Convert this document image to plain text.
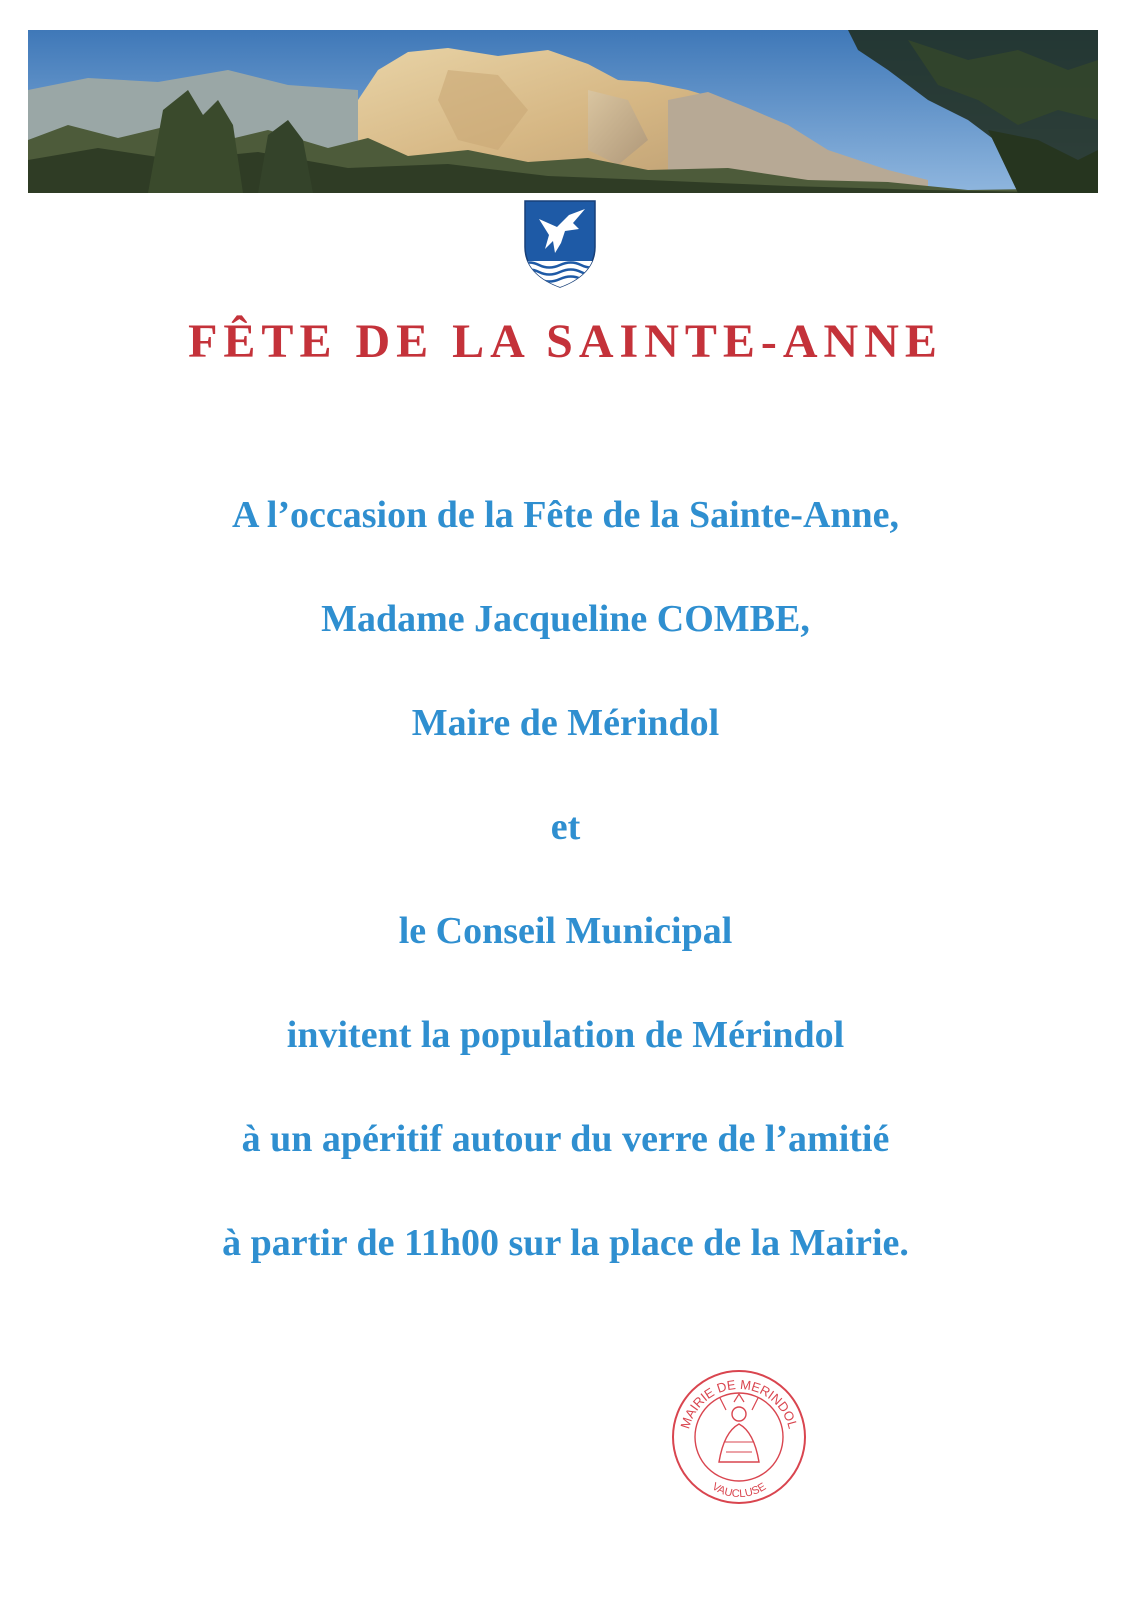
FÊTE DE LA SAINTE-ANNE
A l’occasion de la Fête de la Sainte-Anne,
Madame Jacqueline COMBE,
Maire de Mérindol
et
le Conseil Municipal
invitent la population de Mérindol
à un apéritif autour du verre de l’amitié
à partir de 11h00 sur la place de la Mairie.
MAIRIE DE MERINDOL
VAUCLUSE
